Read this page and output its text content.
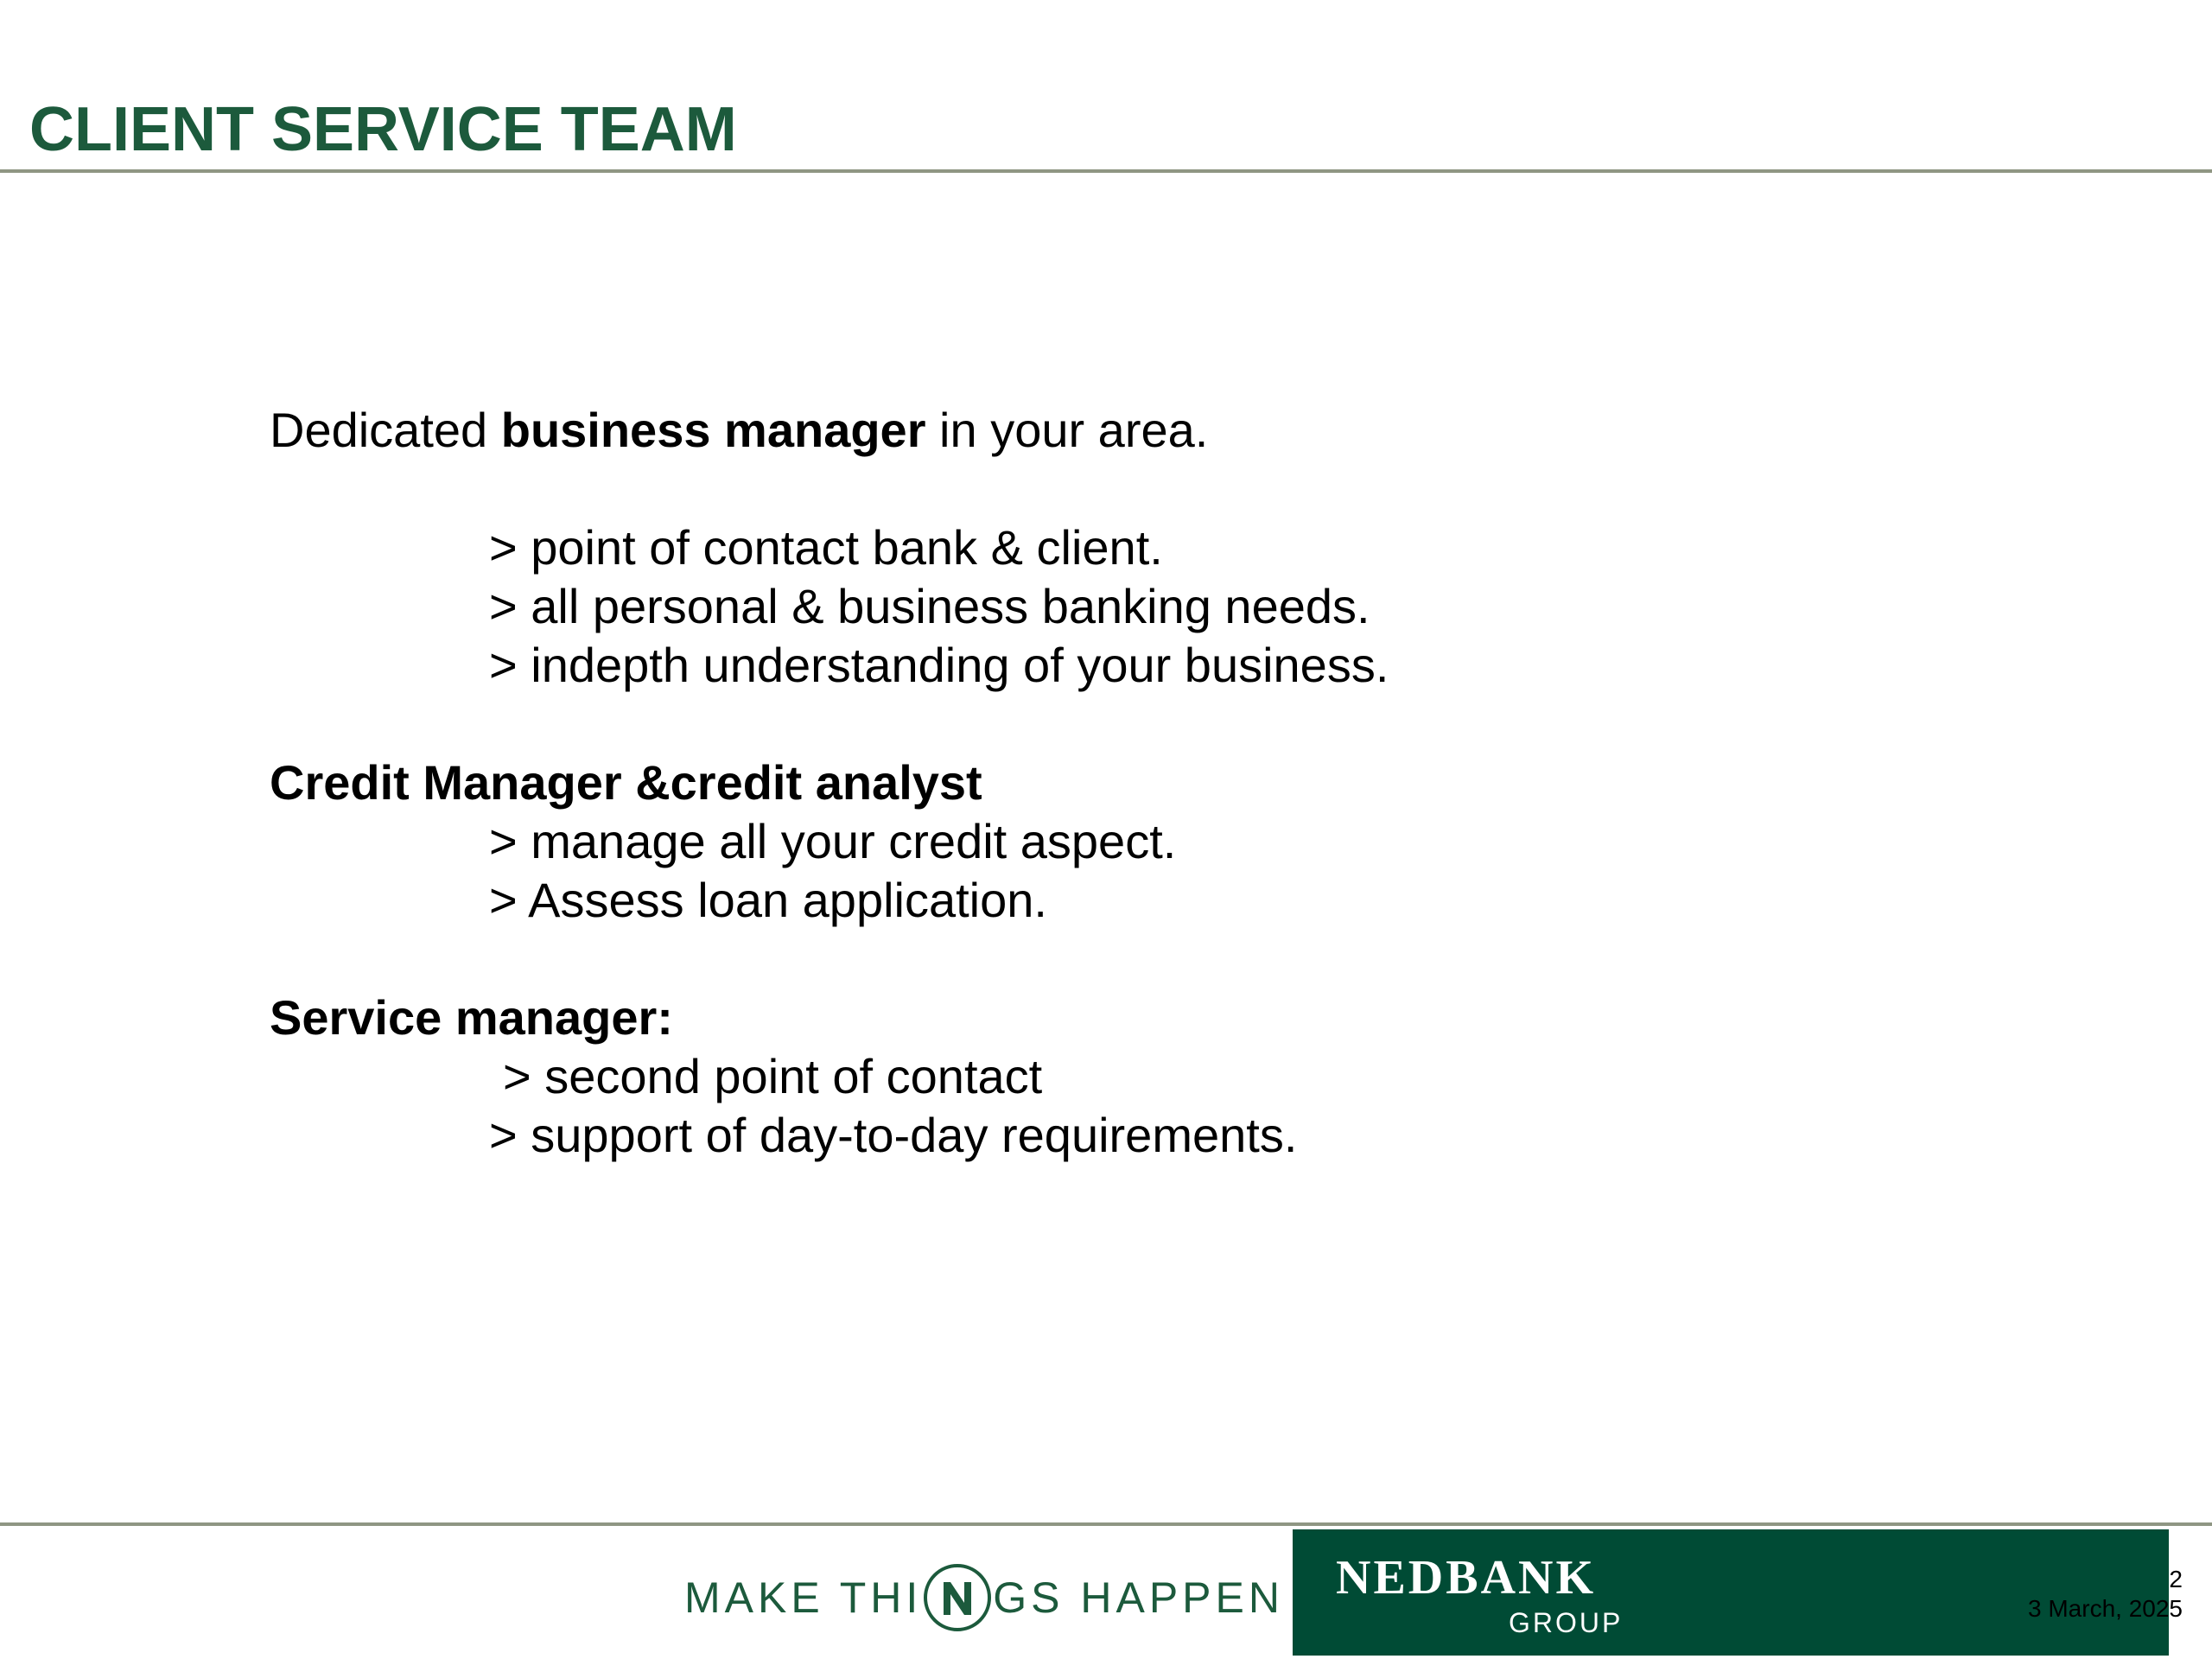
CLIENT SERVICE TEAM
Dedicated business manager in your area.
> point of contact bank & client.
> all personal & business banking needs.
> indepth understanding of your business.
Credit Manager &credit analyst
> manage all your credit aspect.
> Assess loan application.
Service manager:
> second point of contact
> support of day-to-day requirements.
MAKE THI GS HAPPEN NEDBANK
GROUP
2
3 March, 2025
